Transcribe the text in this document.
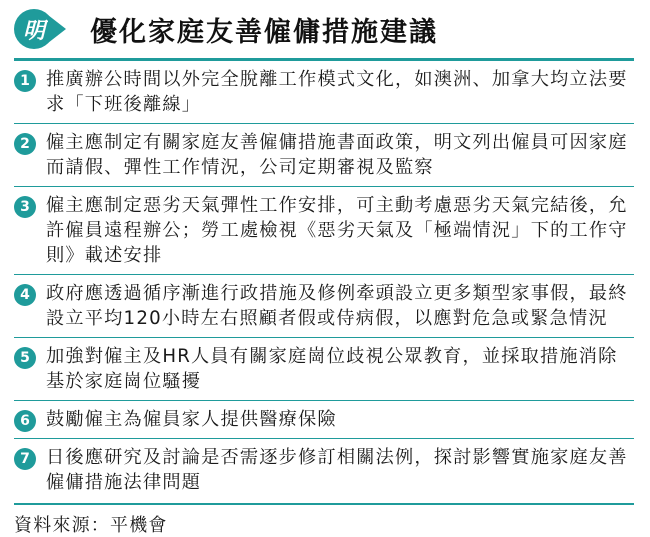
明	優化家庭友善僱傭措施建議
1 推廣辦公時間以外完全脫離工作模式文化，如澳洲、加拿大均立法要求「下班後離線」
2 僱主應制定有關家庭友善僱傭措施書面政策，明文列出僱員可因家庭而請假、彈性工作情況，公司定期審視及監察
3 僱主應制定惡劣天氣彈性工作安排，可主動考慮惡劣天氣完結後，允許僱員遠程辦公；勞工處檢視《惡劣天氣及「極端情況」下的工作守則》載述安排
4 政府應透過循序漸進行政措施及修例牽頭設立更多類型家事假，最終設立平均120小時左右照顧者假或侍病假，以應對危急或緊急情況
5 加強對僱主及HR人員有關家庭崗位歧視公眾教育，並採取措施消除基於家庭崗位騷擾
6 鼓勵僱主為僱員家人提供醫療保險
7 日後應研究及討論是否需逐步修訂相關法例，探討影響實施家庭友善僱傭措施法律問題
資料來源：平機會
